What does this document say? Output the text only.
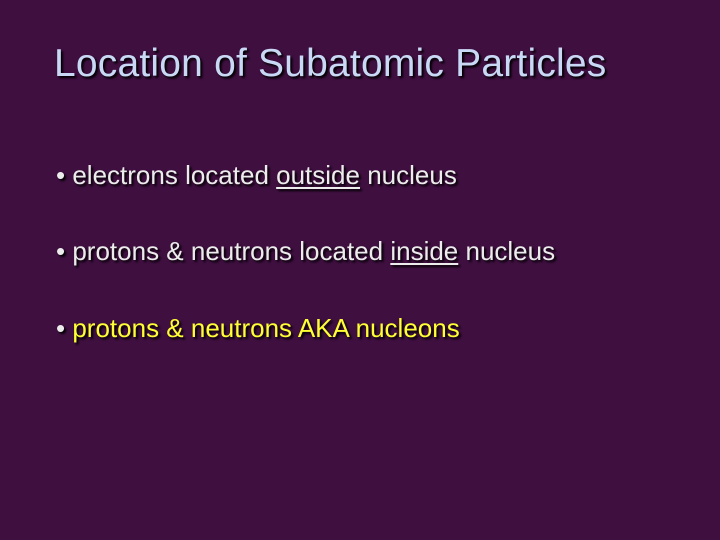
Location of Subatomic Particles
• electrons located outside nucleus
• protons & neutrons located inside nucleus
• protons & neutrons AKA nucleons
